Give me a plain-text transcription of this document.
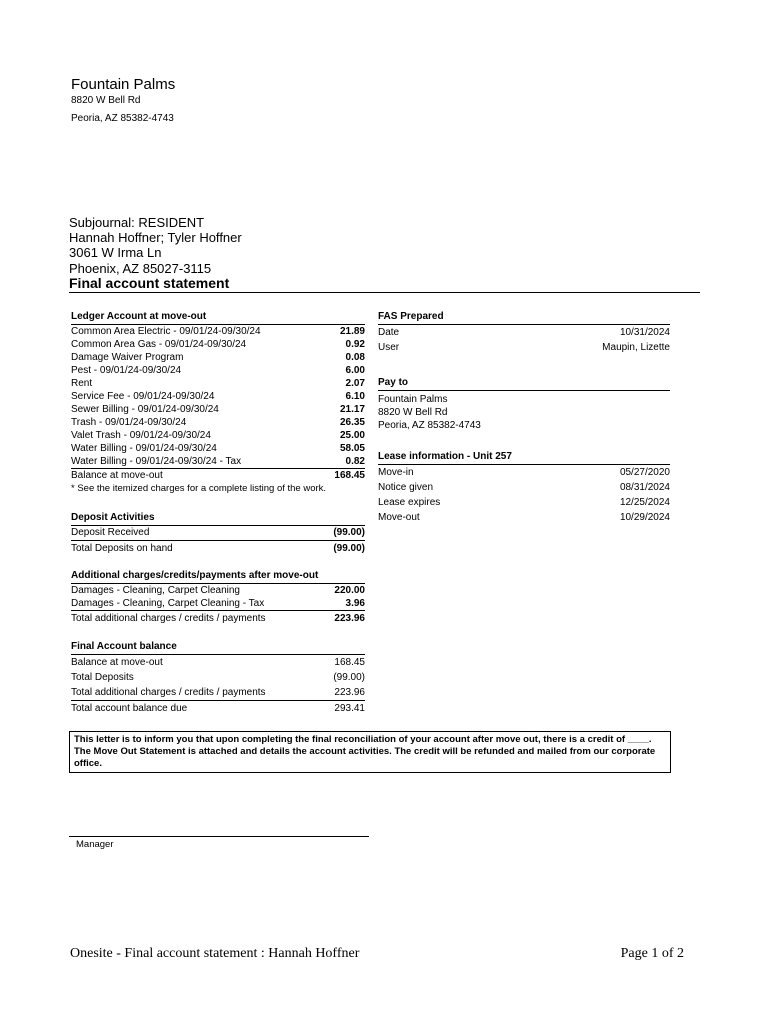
Fountain Palms
8820 W Bell Rd
Peoria, AZ 85382-4743
Subjournal: RESIDENT
Hannah Hoffner; Tyler Hoffner
3061 W Irma Ln
Phoenix, AZ 85027-3115
Final account statement
Ledger Account at move-out
Common Area Electric - 09/01/24-09/30/24	21.89
Common Area Gas - 09/01/24-09/30/24	0.92
Damage Waiver Program	0.08
Pest - 09/01/24-09/30/24	6.00
Rent	2.07
Service Fee - 09/01/24-09/30/24	6.10
Sewer Billing - 09/01/24-09/30/24	21.17
Trash - 09/01/24-09/30/24	26.35
Valet Trash - 09/01/24-09/30/24	25.00
Water Billing - 09/01/24-09/30/24	58.05
Water Billing - 09/01/24-09/30/24 - Tax	0.82
Balance at move-out	168.45
* See the itemized charges for a complete listing of the work.
Deposit Activities
Deposit Received	(99.00)
Total Deposits on hand	(99.00)
Additional charges/credits/payments after move-out
Damages - Cleaning, Carpet Cleaning	220.00
Damages - Cleaning, Carpet Cleaning - Tax	3.96
Total additional charges / credits / payments	223.96
Final Account balance
Balance at move-out	168.45
Total Deposits	(99.00)
Total additional charges / credits / payments	223.96
Total account balance due	293.41
FAS Prepared
Date	10/31/2024
User	Maupin, Lizette
Pay to
Fountain Palms
8820 W Bell Rd
Peoria, AZ 85382-4743
Lease information - Unit 257
Move-in	05/27/2020
Notice given	08/31/2024
Lease expires	12/25/2024
Move-out	10/29/2024
This letter is to inform you that upon completing the final reconciliation of your account after move out, there is a credit of ____. The Move Out Statement is attached and details the account activities. The credit will be refunded and mailed from our corporate office.
Manager
Onesite - Final account statement : Hannah Hoffner	Page 1 of 2
